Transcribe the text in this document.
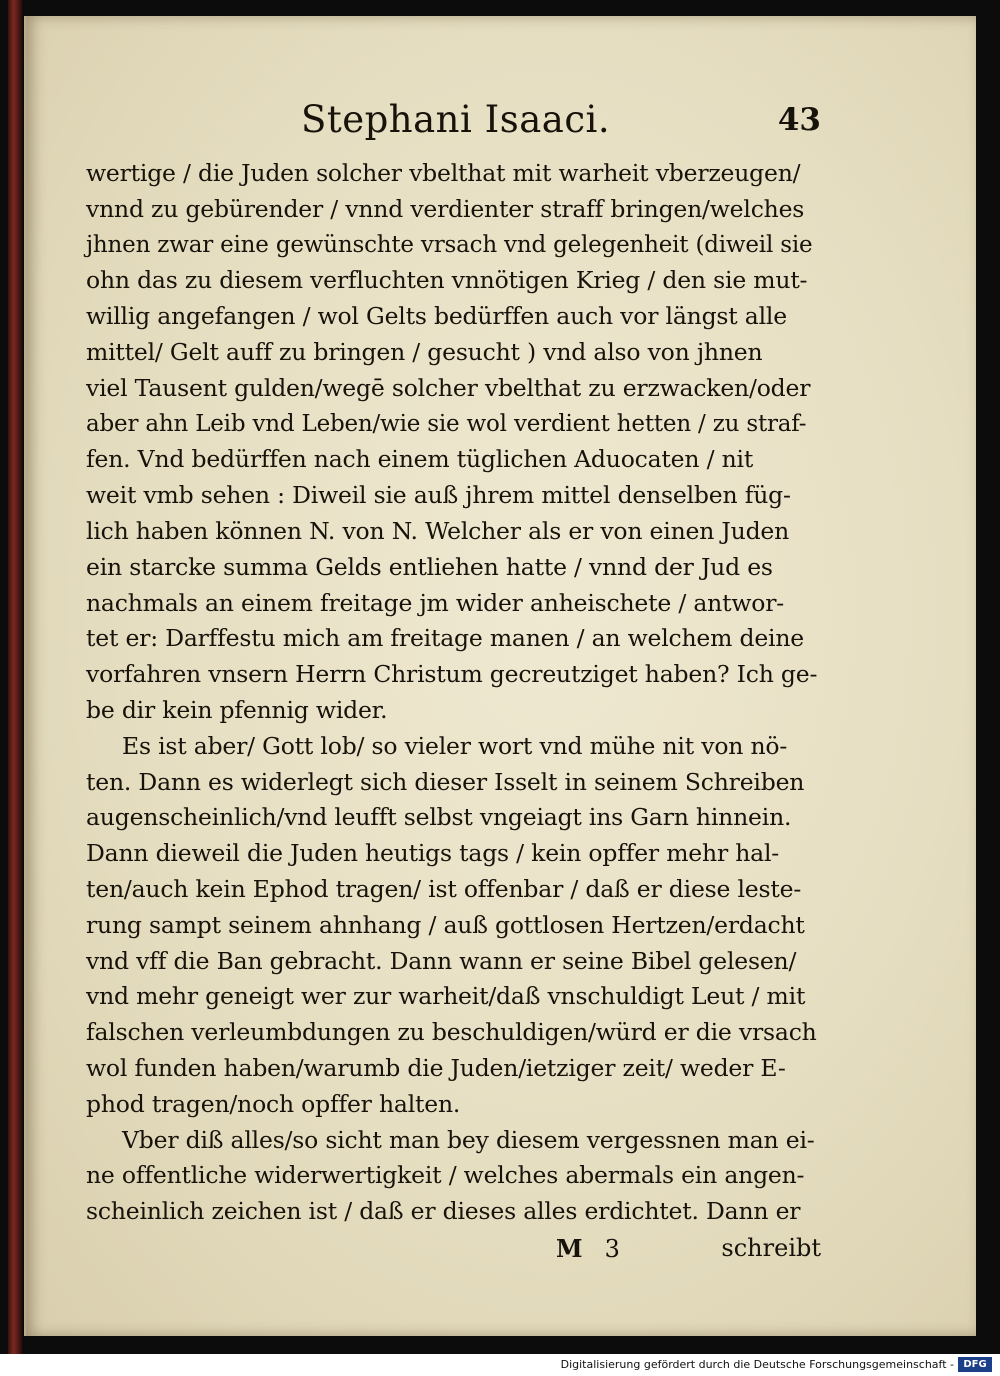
Stephani Isaaci.	43
wertige / die Juden solcher vbelthat mit warheit vberzeugen/
vnnd zu gebürender / vnnd verdienter straff bringen/welches
jhnen zwar eine gewünschte vrsach vnd gelegenheit (diweil sie
ohn das zu diesem verfluchten vnnötigen Krieg / den sie mut-
willig angefangen / wol Gelts bedürffen auch vor längst alle
mittel/ Gelt auff zu bringen / gesucht ) vnd also von jhnen
viel Tausent gulden/wegē solcher vbelthat zu erzwacken/oder
aber ahn Leib vnd Leben/wie sie wol verdient hetten / zu straf-
fen. Vnd bedürffen nach einem tüglichen Aduocaten / nit
weit vmb sehen : Diweil sie auß jhrem mittel denselben füg-
lich haben können N. von N. Welcher als er von einen Juden
ein starcke summa Gelds entliehen hatte / vnnd der Jud es
nachmals an einem freitage jm wider anheischete / antwor-
tet er: Darffestu mich am freitage manen / an welchem deine
vorfahren vnsern Herrn Christum gecreutziget haben? Ich ge-
be dir kein pfennig wider.
Es ist aber/ Gott lob/ so vieler wort vnd mühe nit von nö-
ten. Dann es widerlegt sich dieser Isselt in seinem Schreiben
augenscheinlich/vnd leufft selbst vngeiagt ins Garn hinnein.
Dann dieweil die Juden heutigs tags / kein opffer mehr hal-
ten/auch kein Ephod tragen/ ist offenbar / daß er diese leste-
rung sampt seinem ahnhang / auß gottlosen Hertzen/erdacht
vnd vff die Ban gebracht. Dann wann er seine Bibel gelesen/
vnd mehr geneigt wer zur warheit/daß vnschuldigt Leut / mit
falschen verleumbdungen zu beschuldigen/würd er die vrsach
wol funden haben/warumb die Juden/ietziger zeit/ weder E-
phod tragen/noch opffer halten.
Vber diß alles/so sicht man bey diesem vergessnen man ei-
ne offentliche widerwertigkeit / welches abermals ein angen-
scheinlich zeichen ist / daß er dieses alles erdichtet. Dann er
M 3	schreibt
Digitalisierung gefördert durch die Deutsche Forschungsgemeinschaft - DFG
